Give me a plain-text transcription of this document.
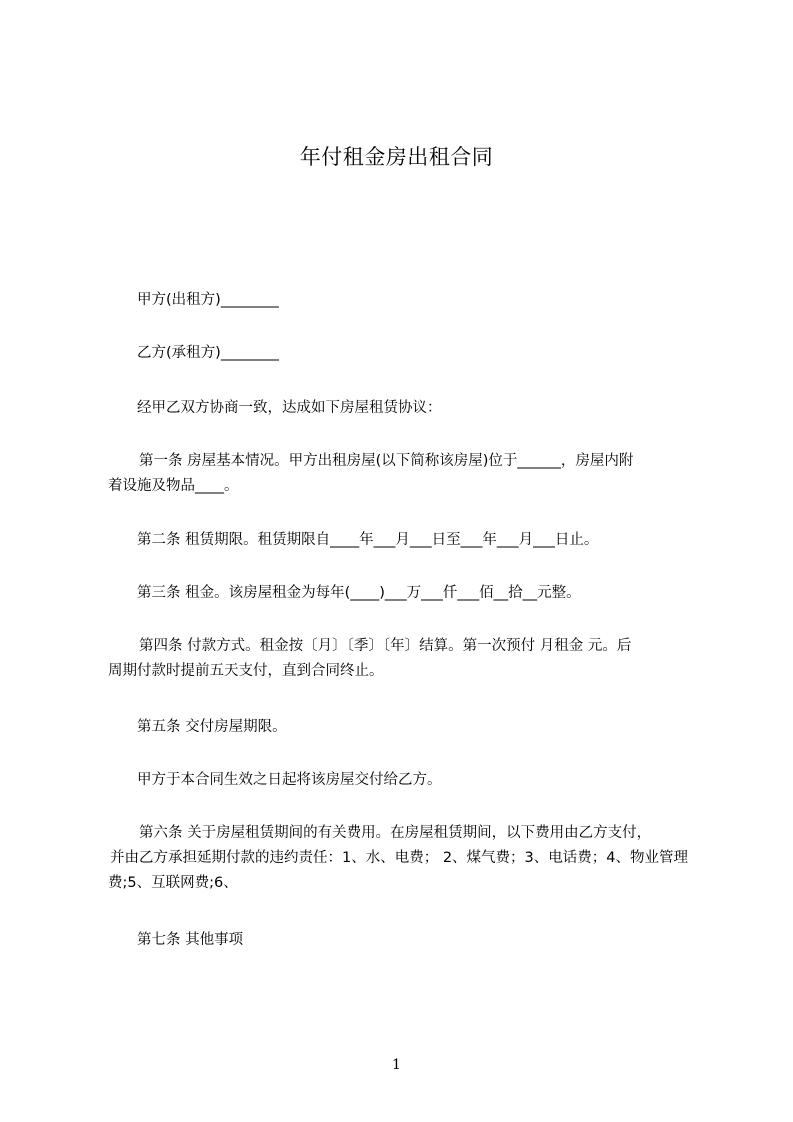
年付租金房出租合同
甲方(出租方)________
乙方(承租方)________
经甲乙双方协商一致，达成如下房屋租赁协议：
第一条 房屋基本情况。甲方出租房屋(以下简称该房屋)位于______，房屋内附
着设施及物品____。
第二条 租赁期限。租赁期限自____年___月___日至___年___月___日止。
第三条 租金。该房屋租金为每年(____)___万___仟___佰__拾__元整。
第四条 付款方式。租金按〔月〕〔季〕〔年〕结算。第一次预付 月租金 元。后
周期付款时提前五天支付，直到合同终止。
第五条 交付房屋期限。
甲方于本合同生效之日起将该房屋交付给乙方。
第六条 关于房屋租赁期间的有关费用。在房屋租赁期间，以下费用由乙方支付，
并由乙方承担延期付款的违约责任：1、水、电费； 2、煤气费；3、电话费；4、物业管理
费;5、互联网费;6、
第七条 其他事项
1
